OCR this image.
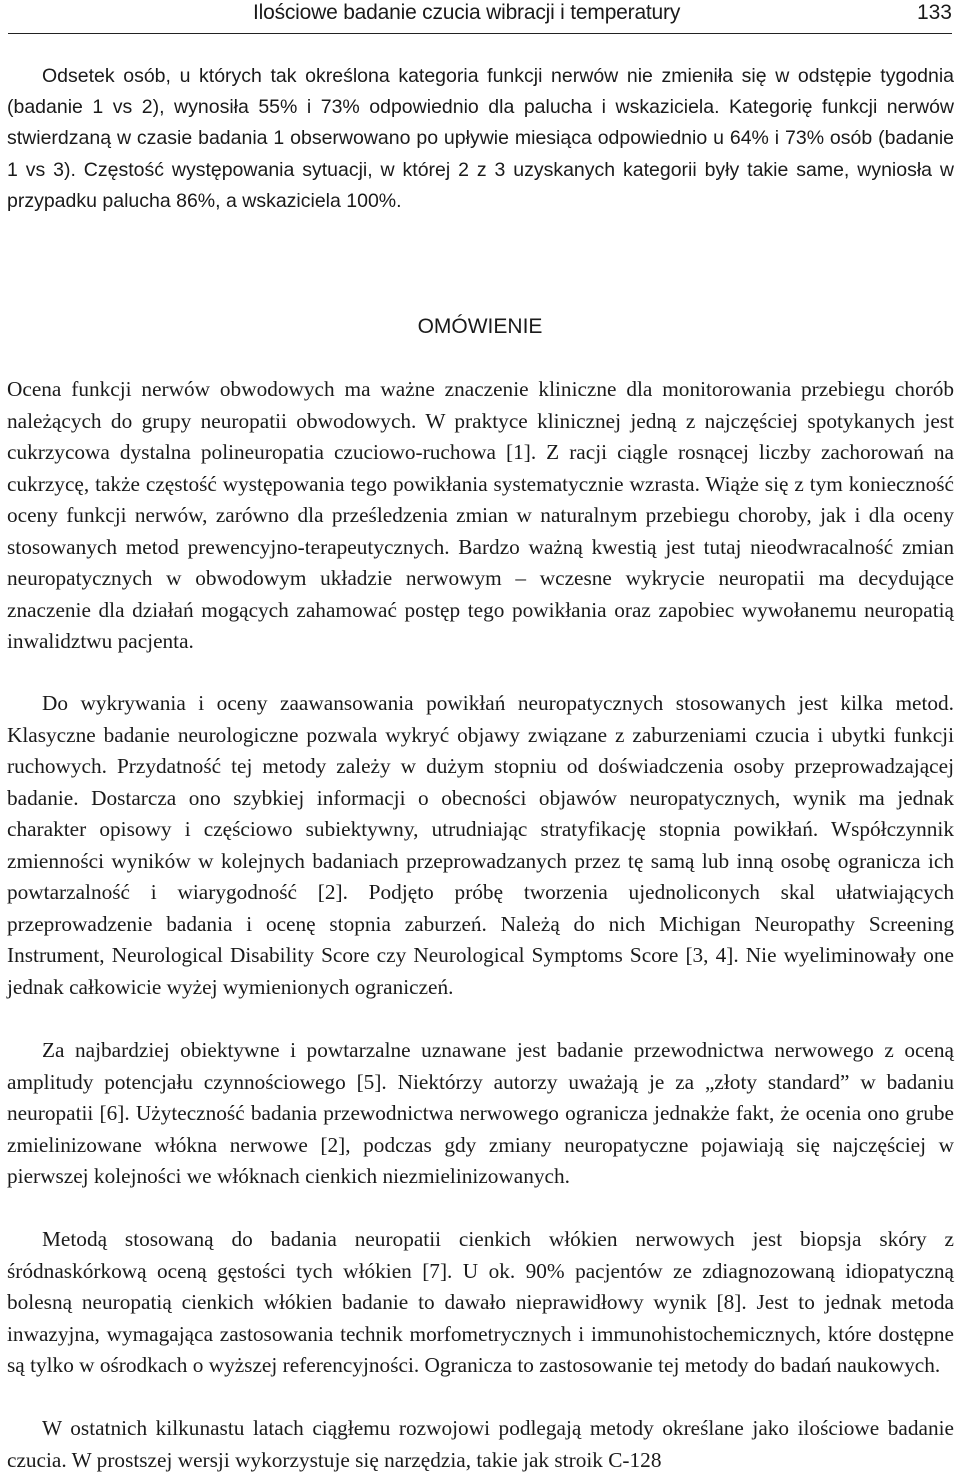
Ilościowe badanie czucia wibracji i temperatury	133

Odsetek osób, u których tak określona kategoria funkcji nerwów nie zmieniła się w odstępie tygodnia (badanie 1 vs 2), wynosiła 55% i 73% odpowiednio dla palucha i wskaziciela. Kategorię funkcji nerwów stwierdzaną w czasie badania 1 obserwowano po upływie miesiąca odpowiednio u 64% i 73% osób (badanie 1 vs 3). Częstość występowania sytuacji, w której 2 z 3 uzyskanych kategorii były takie same, wyniosła w przypadku palucha 86%, a wskaziciela 100%.

OMÓWIENIE

Ocena funkcji nerwów obwodowych ma ważne znaczenie kliniczne dla monitorowania przebiegu chorób należących do grupy neuropatii obwodowych. W praktyce klinicznej jedną z najczęściej spotykanych jest cukrzycowa dystalna polineuropatia czuciowo-ruchowa [1]. Z racji ciągle rosnącej liczby zachorowań na cukrzycę, także częstość występowania tego powikłania systematycznie wzrasta. Wiąże się z tym konieczność oceny funkcji nerwów, zarówno dla prześledzenia zmian w naturalnym przebiegu choroby, jak i dla oceny stosowanych metod prewencyjno-terapeutycznych. Bardzo ważną kwestią jest tutaj nieodwracalność zmian neuropatycznych w obwodowym układzie nerwowym – wczesne wykrycie neuropatii ma decydujące znaczenie dla działań mogących zahamować postęp tego powikłania oraz zapobiec wywołanemu neuropatią inwalidztwu pacjenta.

Do wykrywania i oceny zaawansowania powikłań neuropatycznych stosowanych jest kilka metod. Klasyczne badanie neurologiczne pozwala wykryć objawy związane z zaburzeniami czucia i ubytki funkcji ruchowych. Przydatność tej metody zależy w dużym stopniu od doświadczenia osoby przeprowadzającej badanie. Dostarcza ono szybkiej informacji o obecności objawów neuropatycznych, wynik ma jednak charakter opisowy i częściowo subiektywny, utrudniając stratyfikację stopnia powikłań. Współczynnik zmienności wyników w kolejnych badaniach przeprowadzanych przez tę samą lub inną osobę ogranicza ich powtarzalność i wiarygodność [2]. Podjęto próbę tworzenia ujednoliconych skal ułatwiających przeprowadzenie badania i ocenę stopnia zaburzeń. Należą do nich Michigan Neuropathy Screening Instrument, Neurological Disability Score czy Neurological Symptoms Score [3, 4]. Nie wyeliminowały one jednak całkowicie wyżej wymienionych ograniczeń.

Za najbardziej obiektywne i powtarzalne uznawane jest badanie przewodnictwa nerwowego z oceną amplitudy potencjału czynnościowego [5]. Niektórzy autorzy uważają je za „złoty standard” w badaniu neuropatii [6]. Użyteczność badania przewodnictwa nerwowego ogranicza jednakże fakt, że ocenia ono grube zmielinizowane włókna nerwowe [2], podczas gdy zmiany neuropatyczne pojawiają się najczęściej w pierwszej kolejności we włóknach cienkich niezmielinizowanych.

Metodą stosowaną do badania neuropatii cienkich włókien nerwowych jest biopsja skóry z śródnaskórkową oceną gęstości tych włókien [7]. U ok. 90% pacjentów ze zdiagnozowaną idiopatyczną bolesną neuropatią cienkich włókien badanie to dawało nieprawidłowy wynik [8]. Jest to jednak metoda inwazyjna, wymagająca zastosowania technik morfometrycznych i immunohistochemicznych, które dostępne są tylko w ośrodkach o wyższej referencyjności. Ogranicza to zastosowanie tej metody do badań naukowych.

W ostatnich kilkunastu latach ciągłemu rozwojowi podlegają metody określane jako ilościowe badanie czucia. W prostszej wersji wykorzystuje się narzędzia, takie jak stroik C-128
